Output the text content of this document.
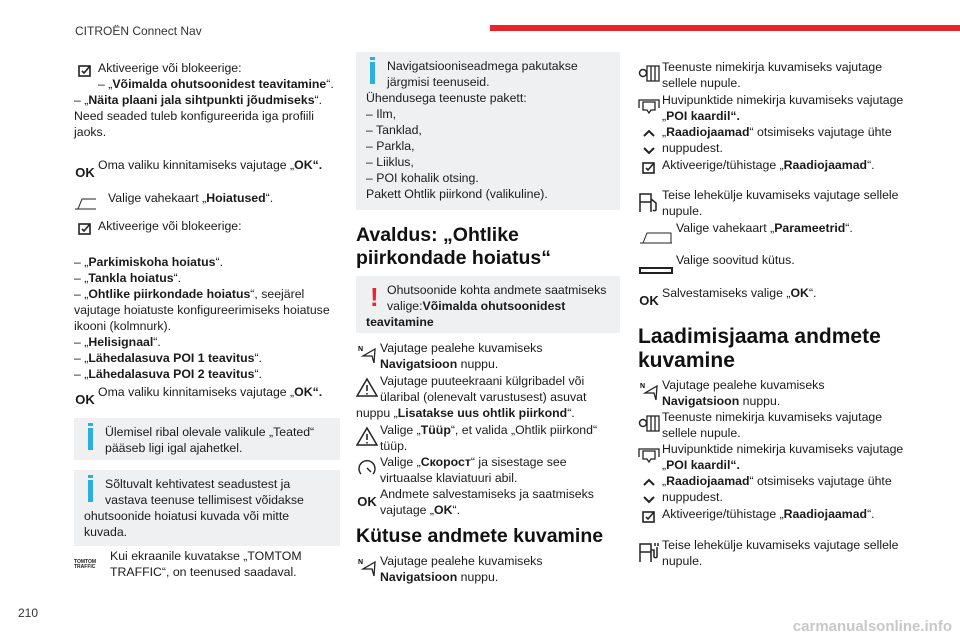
CITROËN Connect Nav
210
carmanualsonline.info
Aktiveerige või blokeerige:
– „Võimalda ohutsoonidest teavitamine“.
– „Näita plaani jala sihtpunkti jõudmiseks“.
Need seaded tuleb konfigureerida iga profiili jaoks.
OK Oma valiku kinnitamiseks vajutage „OK“.
Valige vahekaart „Hoiatused“.
Aktiveerige või blokeerige:
– „Parkimiskoha hoiatus“.
– „Tankla hoiatus“.
– „Ohtlike piirkondade hoiatus“, seejärel vajutage hoiatuste konfigureerimiseks hoiatuse ikooni (kolmnurk).
– „Helisignaal“.
– „Lähedalasuva POI 1 teavitus“.
– „Lähedalasuva POI 2 teavitus“.
OK Oma valiku kinnitamiseks vajutage „OK“.
Ülemisel ribal olevale valikule „Teated“ pääseb ligi igal ajahetkel.
Sõltuvalt kehtivatest seadustest ja vastava teenuse tellimisest võidakse ohutsoonide hoiatusi kuvada või mitte kuvada.
TOMTOM TRAFFIC
Kui ekraanile kuvatakse „TOMTOM TRAFFIC“, on teenused saadaval.
Navigatsiooniseadmega pakutakse järgmisi teenuseid.
Ühendusega teenuste pakett:
– Ilm,
– Tanklad,
– Parkla,
– Liiklus,
– POI kohalik otsing.
Pakett Ohtlik piirkond (valikuline).
Avaldus: „Ohtlike piirkondade hoiatus“
! Ohutsoonide kohta andmete saatmiseks valige:Võimalda ohutsoonidest teavitamine
N Vajutage pealehe kuvamiseks
Navigatsioon nuppu.
Vajutage puuteekraani külgribadel või ülaribal (olenevalt varustusest) asuvat nuppu „Lisatakse uus ohtlik piirkond“.
Valige „Tüüp“, et valida „Ohtlik piirkond“ tüüp.
Valige „Скорост“ ja sisestage see virtuaalse klaviatuuri abil.
OK Andmete salvestamiseks ja saatmiseks vajutage „OK“.
Kütuse andmete kuvamine
N Vajutage pealehe kuvamiseks
Navigatsioon nuppu.
Teenuste nimekirja kuvamiseks vajutage sellele nupule.
Huvipunktide nimekirja kuvamiseks vajutage „POI kaardil“.
„Raadiojaamad“ otsimiseks vajutage ühte nuppudest.
Aktiveerige/tühistage „Raadiojaamad“.
Teise lehekülje kuvamiseks vajutage sellele nupule.
Valige vahekaart „Parameetrid“.
Valige soovitud kütus.
OK Salvestamiseks valige „OK“.
Laadimisjaama andmete kuvamine
N Vajutage pealehe kuvamiseks
Navigatsioon nuppu.
Teenuste nimekirja kuvamiseks vajutage sellele nupule.
Huvipunktide nimekirja kuvamiseks vajutage „POI kaardil“.
„Raadiojaamad“ otsimiseks vajutage ühte nuppudest.
Aktiveerige/tühistage „Raadiojaamad“.
Teise lehekülje kuvamiseks vajutage sellele nupule.
